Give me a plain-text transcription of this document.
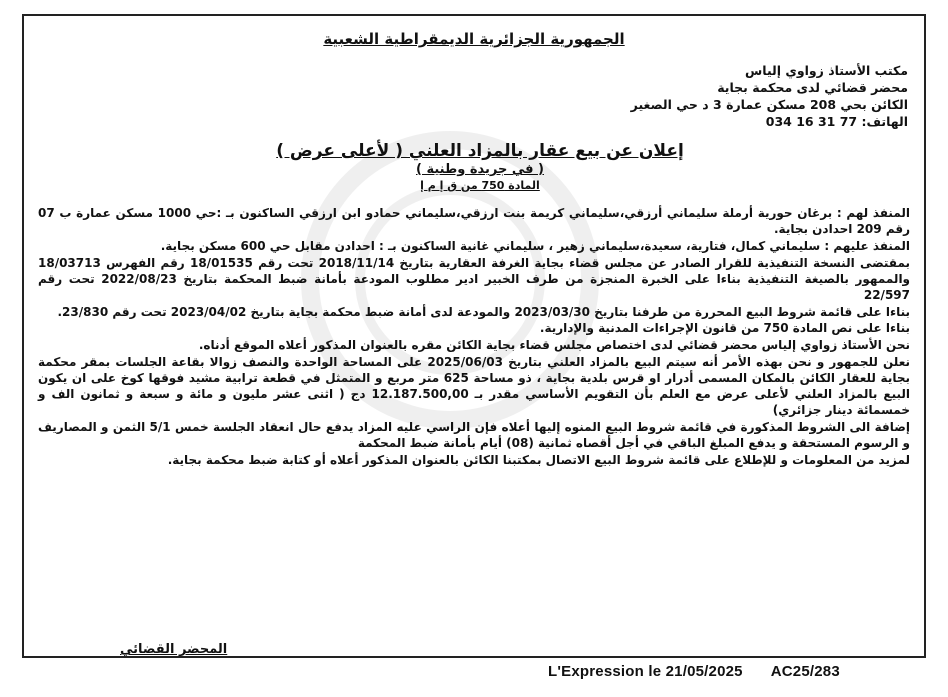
الجمهورية الجزائرية الديمقراطية الشعبية
مكتب الأستاذ زواوي إلياس
محضر قضائي لدى محكمة بجاية
الكائن بحي 208 مسكن عمارة 3 د حي الصغير
الهاتف: 034 16 31 77
إعلان عن بيع عقار بالمزاد العلني ( لأعلى عرض )
( في جريدة وطنية )
المادة 750 من ق إ م إ

المنفذ لهم : برغان حورية أرملة سليماني أرزقي،سليماني كريمة بنت ارزقي،سليماني حمادو ابن ارزقي الساكنون بـ :حي 1000 مسكن عمارة ب 07 رقم 209 احدادن بجاية.

المنفذ عليهم : سليماني كمال، فتارية، سعيدة،سليماني زهير ، سليماني غانية الساكنون بـ : احدادن مقابل حي 600 مسكن بجاية.

بمقتضى النسخة التنفيذية للقرار الصادر عن مجلس قضاء بجاية الغرفة العقارية بتاريخ 2018/11/14 تحت رقم 18/01535 رقم الفهرس 18/03713 والممهور بالصيغة التنفيذية بناءا على الخبرة المنجزة من طرف الخبير ادير مطلوب المودعة بأمانة ضبط المحكمة بتاريخ 2022/08/23 تحت رقم 22/597

بناءا على قائمة شروط البيع المحررة من طرفنا بتاريخ 2023/03/30 والمودعة لدى أمانة ضبط محكمة بجاية بتاريخ 2023/04/02 تحت رقم 23/830.

بناءا على نص المادة 750 من قانون الإجراءات المدنية والإدارية.

نحن الأستاذ زواوي إلياس محضر قضائي لدى اختصاص مجلس قضاء بجاية الكائن مقره بالعنوان المذكور أعلاه الموقع أدناه.

نعلن للجمهور و نحن بهذه الأمر أنه سيتم البيع بالمزاد العلني بتاريخ 2025/06/03 على المساحة الواحدة والنصف زوالا بقاعة الجلسات بمقر محكمة بجاية للعقار الكائن بالمكان المسمى أدرار او قرس بلدية بجاية ، ذو مساحة 625 متر مربع و المتمثل في قطعة ترابية مشيد فوقها كوخ على ان يكون البيع بالمزاد العلني لأعلى عرض مع العلم بأن التقويم الأساسي مقدر بـ 12.187.500,00 دج ( اثنى عشر مليون و مائة و سبعة و ثمانون الف و خمسمائة دينار جزائري)

إضافة الى الشروط المذكورة في قائمة شروط البيع المنوه إليها أعلاه فإن الراسي عليه المزاد يدفع حال انعقاد الجلسة خمس 5/1 الثمن و المصاريف و الرسوم المستحقة و يدفع المبلغ الباقي في أجل أقصاه ثمانية (08) أيام بأمانة ضبط المحكمة

لمزيد من المعلومات و للإطلاع على قائمة شروط البيع الاتصال بمكتبنا الكائن بالعنوان المذكور أعلاه أو كتابة ضبط محكمة بجاية.

المحضر القضائي
L'Expression le 21/05/2025 AC25/283
